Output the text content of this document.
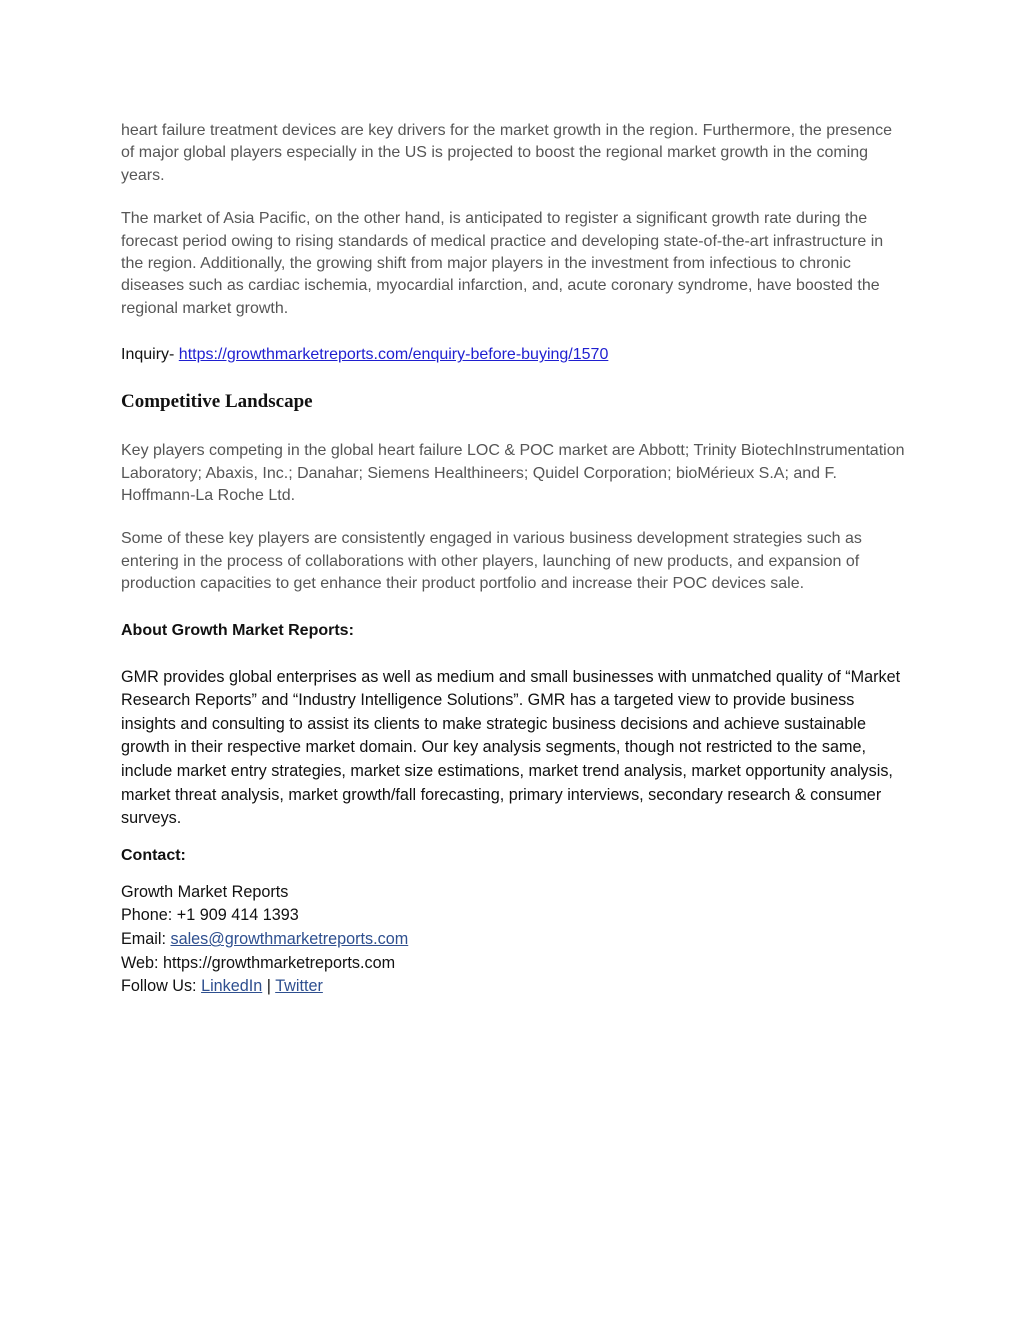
heart failure treatment devices are key drivers for the market growth in the region. Furthermore, the presence of major global players especially in the US is projected to boost the regional market growth in the coming years.

The market of Asia Pacific, on the other hand, is anticipated to register a significant growth rate during the forecast period owing to rising standards of medical practice and developing state-of-the-art infrastructure in the region. Additionally, the growing shift from major players in the investment from infectious to chronic diseases such as cardiac ischemia, myocardial infarction, and, acute coronary syndrome, have boosted the regional market growth.

Inquiry- https://growthmarketreports.com/enquiry-before-buying/1570
Competitive Landscape

Key players competing in the global heart failure LOC & POC market are Abbott; Trinity BiotechInstrumentation Laboratory; Abaxis, Inc.; Danahar; Siemens Healthineers; Quidel Corporation; bioMérieux S.A; and F. Hoffmann-La Roche Ltd.

Some of these key players are consistently engaged in various business development strategies such as entering in the process of collaborations with other players, launching of new products, and expansion of production capacities to get enhance their product portfolio and increase their POC devices sale.

About Growth Market Reports:

GMR provides global enterprises as well as medium and small businesses with unmatched quality of “Market Research Reports” and “Industry Intelligence Solutions”. GMR has a targeted view to provide business insights and consulting to assist its clients to make strategic business decisions and achieve sustainable growth in their respective market domain. Our key analysis segments, though not restricted to the same, include market entry strategies, market size estimations, market trend analysis, market opportunity analysis, market threat analysis, market growth/fall forecasting, primary interviews, secondary research & consumer surveys.

Contact:
Growth Market Reports
Phone: +1 909 414 1393
Email: sales@growthmarketreports.com
Web: https://growthmarketreports.com
Follow Us: LinkedIn | Twitter
